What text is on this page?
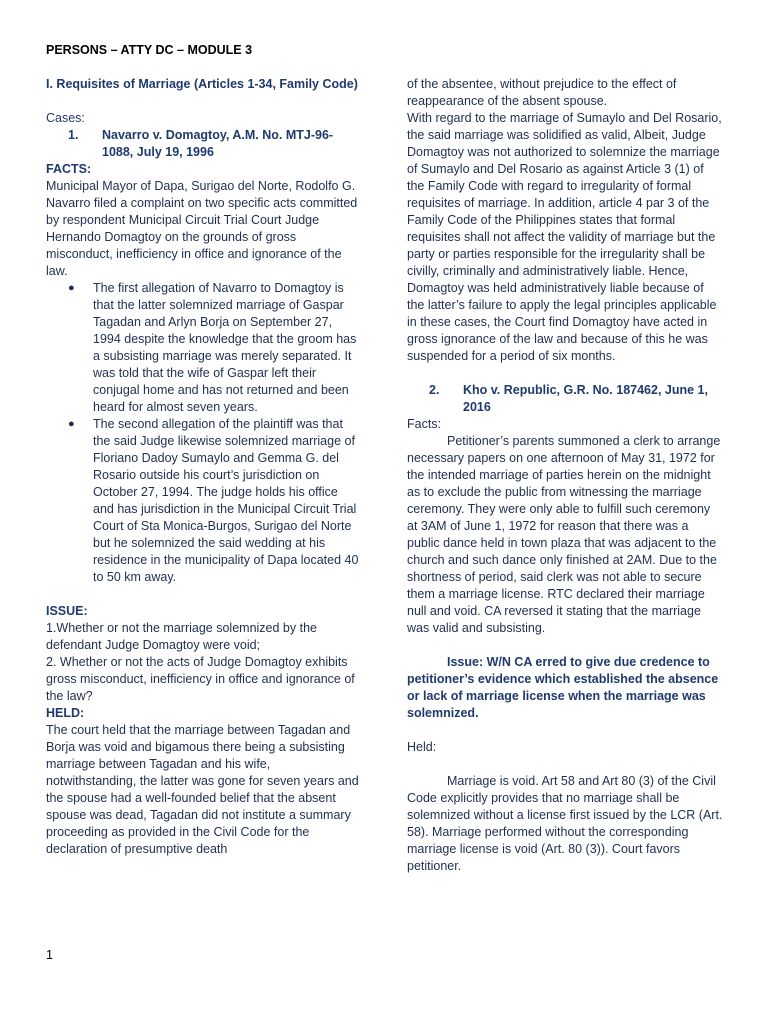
PERSONS – ATTY DC – MODULE 3

I. Requisites of Marriage (Articles 1-34, Family Code)

Cases:

1.	Navarro v. Domagtoy, A.M. No. MTJ-96-1088, July 19, 1996

FACTS:

Municipal Mayor of Dapa, Surigao del Norte, Rodolfo G. Navarro filed a complaint on two specific acts committed by respondent Municipal Circuit Trial Court Judge Hernando Domagtoy on the grounds of gross misconduct, inefficiency in office and ignorance of the law.

●	The first allegation of Navarro to Domagtoy is that the latter solemnized marriage of Gaspar Tagadan and Arlyn Borja on September 27, 1994 despite the knowledge that the groom has a subsisting marriage was merely separated. It was told that the wife of Gaspar left their conjugal home and has not returned and been heard for almost seven years.
●	The second allegation of the plaintiff was that the said Judge likewise solemnized marriage of Floriano Dadoy Sumaylo and Gemma G. del Rosario outside his court’s jurisdiction on October 27, 1994. The judge holds his office and has jurisdiction in the Municipal Circuit Trial Court of Sta Monica-Burgos, Surigao del Norte but he solemnized the said wedding at his residence in the municipality of Dapa located 40 to 50 km away.

ISSUE:

1.Whether or not the marriage solemnized by the defendant Judge Domagtoy were void;

2. Whether or not the acts of Judge Domagtoy exhibits gross misconduct, inefficiency in office and ignorance of the law?

HELD:

The court held that the marriage between Tagadan and Borja was void and bigamous there being a subsisting marriage between Tagadan and his wife, notwithstanding, the latter was gone for seven years and the spouse had a well-founded belief that the absent spouse was dead, Tagadan did not institute a summary proceeding as provided in the Civil Code for the declaration of presumptive death

of the absentee, without prejudice to the effect of reappearance of the absent spouse.

With regard to the marriage of Sumaylo and Del Rosario, the said marriage was solidified as valid, Albeit, Judge Domagtoy was not authorized to solemnize the marriage of Sumaylo and Del Rosario as against Article 3 (1) of the Family Code with regard to irregularity of formal requisites of marriage. In addition, article 4 par 3 of the Family Code of the Philippines states that formal requisites shall not affect the validity of marriage but the party or parties responsible for the irregularity shall be civilly, criminally and administratively liable. Hence, Domagtoy was held administratively liable because of the latter’s failure to apply the legal principles applicable in these cases, the Court find Domagtoy have acted in gross ignorance of the law and because of this he was suspended for a period of six months.

2.	Kho v. Republic, G.R. No. 187462, June 1, 2016

Facts:

Petitioner’s parents summoned a clerk to arrange necessary papers on one afternoon of May 31, 1972 for the intended marriage of parties herein on the midnight as to exclude the public from witnessing the marriage ceremony. They were only able to fulfill such ceremony at 3AM of June 1, 1972 for reason that there was a public dance held in town plaza that was adjacent to the church and such dance only finished at 2AM. Due to the shortness of period, said clerk was not able to secure them a marriage license. RTC declared their marriage null and void. CA reversed it stating that the marriage was valid and subsisting.

Issue: W/N CA erred to give due credence to petitioner’s evidence which established the absence or lack of marriage license when the marriage was solemnized.

Held:

Marriage is void. Art 58 and Art 80 (3) of the Civil Code explicitly provides that no marriage shall be solemnized without a license first issued by the LCR (Art. 58). Marriage performed without the corresponding marriage license is void (Art. 80 (3)). Court favors petitioner.

1
